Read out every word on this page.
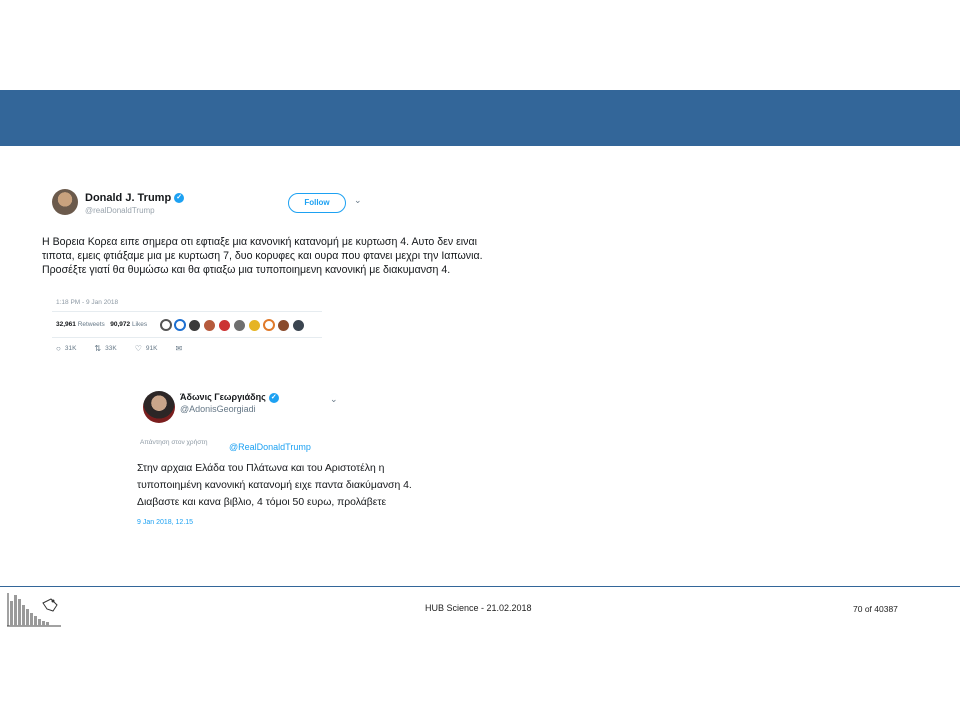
Donald J. Trump ✓
@realDonaldTrump
Follow	⌄
Η Βορεια Κορεα ειπε σημερα οτι εφτιαξε μια κανονική κατανομή με κυρτωση 4. Αυτο δεν ειναι τιποτα, εμεις φτιάξαμε μια με κυρτωση 7, δυο κορυφες και ουρα που φτανει μεχρι την Ιαπωνια. Προσέξτε γιατί θα θυμώσω και θα φτιαξω μια τυποποιημενη κανονική με διακυμανση 4.
1:18 PM - 9 Jan 2018
32,961 Retweets 90,972 Likes
○ 31K ⇅ 33K ♡ 91K ✉
Άδωνις Γεωργιάδης ✓
@AdonisGeorgiadi
⌄
Απάντηση στον χρήστη @RealDonaldTrump
Στην αρχαια Ελάδα του Πλάτωνα και του Αριστοτέλη η
τυποποιημένη κανονική κατανομή ειχε παντα διακύμανση 4.
Διαβαστε και κανα βιβλιο, 4 τόμοι 50 ευρω, προλάβετε
9 Jan 2018, 12.15
HUB Science - 21.02.2018	70 of 40387
